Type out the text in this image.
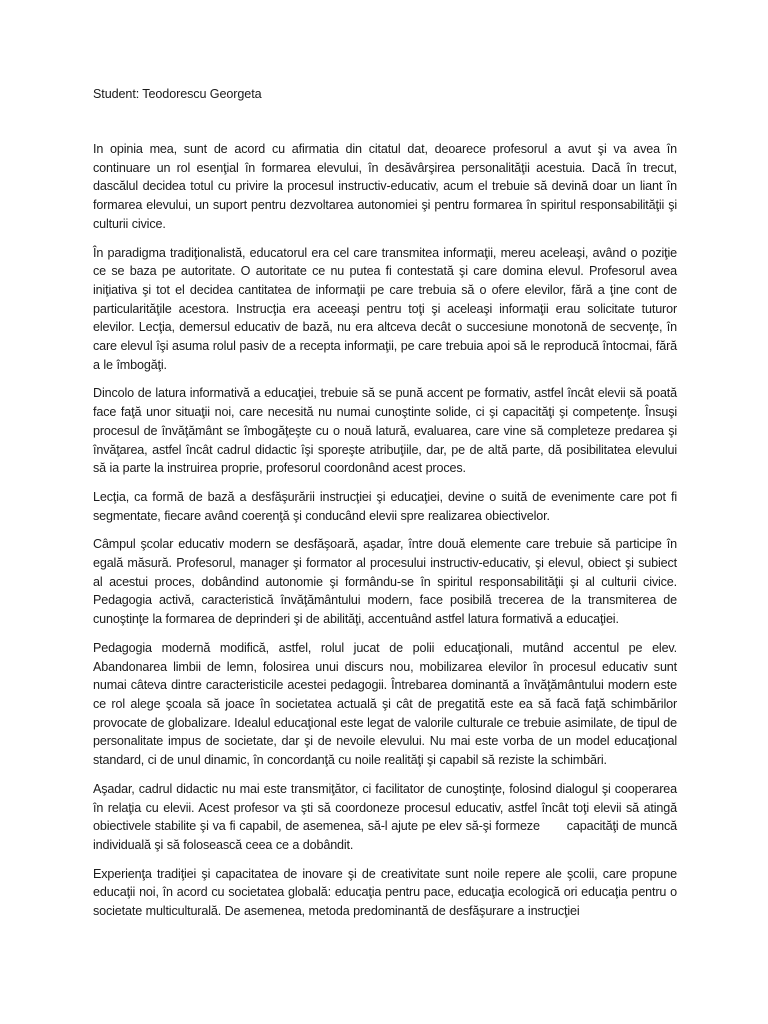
Student: Teodorescu Georgeta

In opinia mea, sunt de acord cu afirmatia din citatul dat, deoarece profesorul a avut şi va avea în continuare un rol esenţial în formarea elevului, în desăvârşirea personalităţii acestuia. Dacă în trecut, dascălul decidea totul cu privire la procesul instructiv-educativ, acum el trebuie să devină doar un liant în formarea elevului, un suport pentru dezvoltarea autonomiei şi pentru formarea în spiritul responsabilităţii şi culturii civice.

În paradigma tradiţionalistă, educatorul era cel care transmitea informaţii, mereu aceleaşi, având o poziţie ce se baza pe autoritate. O autoritate ce nu putea fi contestată şi care domina elevul. Profesorul avea iniţiativa şi tot el decidea cantitatea de informaţii pe care trebuia să o ofere elevilor, fără a ţine cont de particularităţile acestora. Instrucţia era aceeaşi pentru toţi şi aceleaşi informaţii erau solicitate tuturor elevilor. Lecţia, demersul educativ de bază, nu era altceva decât o succesiune monotonă de secvenţe, în care elevul îşi asuma rolul pasiv de a recepta informaţii, pe care trebuia apoi să le reproducă întocmai, fără a le îmbogăţi.

Dincolo de latura informativă a educaţiei, trebuie să se pună accent pe formativ, astfel încât elevii să poată face faţă unor situaţii noi, care necesită nu numai cunoştinte solide, ci şi capacităţi şi competenţe. Însuşi procesul de învăţământ se îmbogăţeşte cu o nouă latură, evaluarea, care vine să completeze predarea şi învăţarea, astfel încât cadrul didactic îşi sporeşte atribuţiile, dar, pe de altă parte, dă posibilitatea elevului să ia parte la instruirea proprie, profesorul coordonând acest proces.

Lecţia, ca formă de bază a desfăşurării instrucţiei şi educaţiei, devine o suită de evenimente care pot fi segmentate, fiecare având coerenţă şi conducând elevii spre realizarea obiectivelor.

Câmpul şcolar educativ modern se desfăşoară, aşadar, între două elemente care trebuie să participe în egală măsură. Profesorul, manager şi formator al procesului instructiv-educativ, şi elevul, obiect şi subiect al acestui proces, dobândind autonomie şi formându-se în spiritul responsabilităţii şi al culturii civice. Pedagogia activă, caracteristică învăţământului modern, face posibilă trecerea de la transmiterea de cunoştinţe la formarea de deprinderi şi de abilităţi, accentuând astfel latura formativă a educaţiei.

Pedagogia modernă modifică, astfel, rolul jucat de polii educaţionali, mutând accentul pe elev. Abandonarea limbii de lemn, folosirea unui discurs nou, mobilizarea elevilor în procesul educativ sunt numai câteva dintre caracteristicile acestei pedagogii. Întrebarea dominantă a învăţământului modern este ce rol alege şcoala să joace în societatea actuală şi cât de pregatită este ea să facă faţă schimbărilor provocate de globalizare. Idealul educaţional este legat de valorile culturale ce trebuie asimilate, de tipul de personalitate impus de societate, dar şi de nevoile elevului. Nu mai este vorba de un model educaţional standard, ci de unul dinamic, în concordanţă cu noile realităţi şi capabil să reziste la schimbări.

Aşadar, cadrul didactic nu mai este transmiţător, ci facilitator de cunoştinţe, folosind dialogul şi cooperarea în relaţia cu elevii. Acest profesor va şti să coordoneze procesul educativ, astfel încât toţi elevii să atingă obiectivele stabilite şi va fi capabil, de asemenea, să-l ajute pe elev să-şi formeze       capacităţi de muncă individuală şi să folosească ceea ce a dobândit.

Experienţa tradiţiei şi capacitatea de inovare şi de creativitate sunt noile repere ale şcolii, care propune educaţii noi, în acord cu societatea globală: educaţia pentru pace, educaţia ecologică ori educaţia pentru o societate multiculturală. De asemenea, metoda predominantă de desfăşurare a instrucţiei
